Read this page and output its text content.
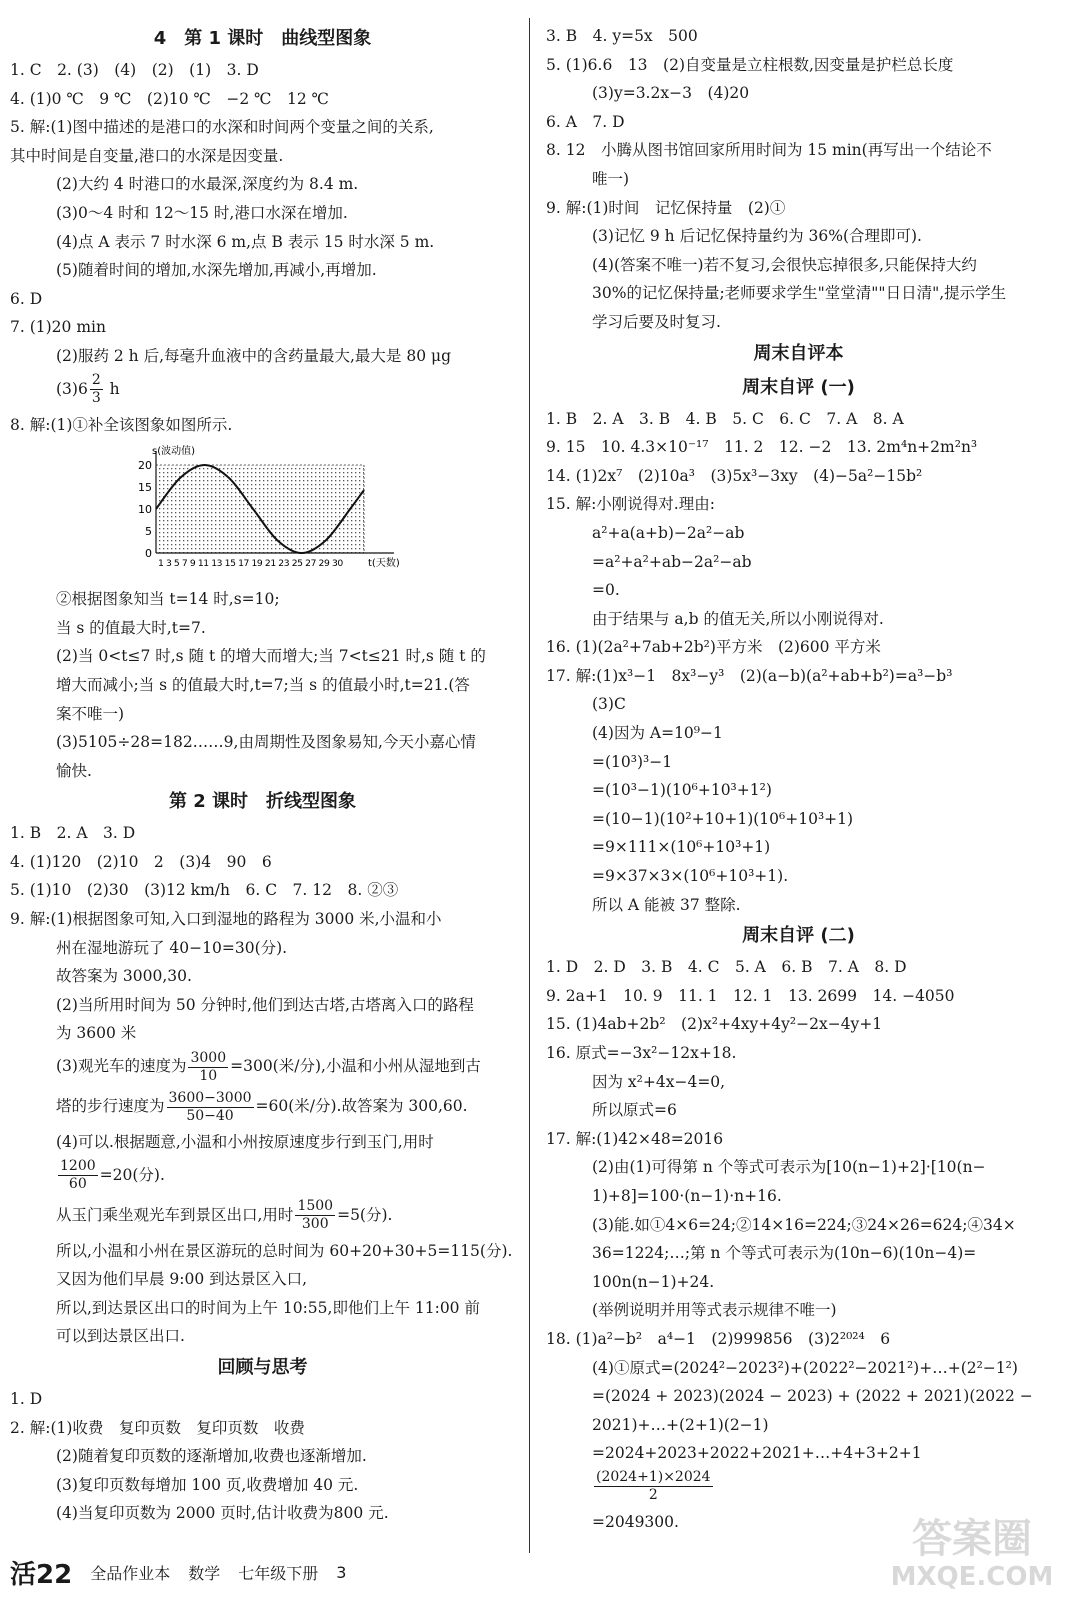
4　第 1 课时　曲线型图象
1. C　2. (3)　(4)　(2)　(1)　3. D
4. (1)0 ℃　9 ℃　(2)10 ℃　−2 ℃　12 ℃
5. 解:(1)图中描述的是港口的水深和时间两个变量之间的关系,
其中时间是自变量,港口的水深是因变量.
(2)大约 4 时港口的水最深,深度约为 8.4 m.
(3)0～4 时和 12～15 时,港口水深在增加.
(4)点 A 表示 7 时水深 6 m,点 B 表示 15 时水深 5 m.
(5)随着时间的增加,水深先增加,再减小,再增加.
6. D
7. (1)20 min
(2)服药 2 h 后,每毫升血液中的含药量最大,最大是 80 μg
$(3)6 \frac{2}{3}$ h
8. 解:(1)①补全该图象如图所示.
s(波动值)
t(天数)
1 3 5 7 9 11 13 15 17 19 21 23 25 27 29 30
0
5
10
15
20
②根据图象知当 t=14 时,s=10;
当 s 的值最大时,t=7.
(2)当 0<t≤7 时,s 随 t 的增大而增大;当 7<t≤21 时,s 随 t 的
增大而减小;当 s 的值最大时,t=7;当 s 的值最小时,t=21.(答
案不唯一)
(3)5105÷28=182……9,由周期性及图象易知,今天小嘉心情
愉快.
第 2 课时　折线型图象
1. B　2. A　3. D
4. (1)120　(2)10　2　(3)4　90　6
5. (1)10　(2)30　(3)12 km/h　6. C　7. 12　8. ②③
9. 解:(1)根据图象可知,入口到湿地的路程为 3000 米,小温和小
州在湿地游玩了 40−10=30(分).
故答案为 3000,30.
(2)当所用时间为 50 分钟时,他们到达古塔,古塔离入口的路程
为 3600 米
(3)观光车的速度为 $\frac{3000}{10} =300$(米/分),小温和小州从湿地到古
塔的步行速度为 $\frac{3600-3000}{50-40} =60$(米/分).故答案为 300,60.
(4)可以.根据题意,小温和小州按原速度步行到玉门,用时
$\frac{1200}{60} =20$(分).
从玉门乘坐观光车到景区出口,用时 $\frac{1500}{300} =5$(分).
所以,小温和小州在景区游玩的总时间为 60+20+30+5=115(分).
又因为他们早晨 9:00 到达景区入口,
所以,到达景区出口的时间为上午 10:55,即他们上午 11:00 前
可以到达景区出口.
回顾与思考
1. D
2. 解:(1)收费　复印页数　复印页数　收费
(2)随着复印页数的逐渐增加,收费也逐渐增加.
(3)复印页数每增加 100 页,收费增加 40 元.
(4)当复印页数为 2000 页时,估计收费为800 元.
3. B　4. y=5x　500
5. (1)6.6　13　(2)自变量是立柱根数,因变量是护栏总长度
(3)y=3.2x−3　(4)20
6. A　7. D
8. 12　小腾从图书馆回家所用时间为 15 min(再写出一个结论不
唯一)
9. 解:(1)时间　记忆保持量　(2)①
(3)记忆 9 h 后记忆保持量约为 36%(合理即可).
(4)(答案不唯一)若不复习,会很快忘掉很多,只能保持大约
30%的记忆保持量;老师要求学生"堂堂清""日日清",提示学生
学习后要及时复习.
周末自评本
周末自评 (一)
1. B　2. A　3. B　4. B　5. C　6. C　7. A　8. A
9. 15　10. 4.3×10⁻¹⁷　11. 2　12. −2　13. 2m⁴n+2m²n³
14. (1)2x⁷　(2)10a³　(3)5x³−3xy　(4)−5a²−15b²
15. 解:小刚说得对.理由:
a²+a(a+b)−2a²−ab
=a²+a²+ab−2a²−ab
=0.
由于结果与 a,b 的值无关,所以小刚说得对.
16. (1)(2a²+7ab+2b²)平方米　(2)600 平方米
17. 解:(1)x³−1　8x³−y³　(2)(a−b)(a²+ab+b²)=a³−b³
(3)C
(4)因为 A=10⁹−1
=(10³)³−1
=(10³−1)(10⁶+10³+1²)
=(10−1)(10²+10+1)(10⁶+10³+1)
=9×111×(10⁶+10³+1)
=9×37×3×(10⁶+10³+1).
所以 A 能被 37 整除.
周末自评 (二)
1. D　2. D　3. B　4. C　5. A　6. B　7. A　8. D
9. 2a+1　10. 9　11. 1　12. 1　13. 2699　14. −4050
15. (1)4ab+2b²　(2)x²+4xy+4y²−2x−4y+1
16. 原式=−3x²−12x+18.
因为 x²+4x−4=0,
所以原式=6
17. 解:(1)42×48=2016
(2)由(1)可得第 n 个等式可表示为[10(n−1)+2]·[10(n−
1)+8]=100·(n−1)·n+16.
(3)能.如①4×6=24;②14×16=224;③24×26=624;④34×
36=1224;…;第 n 个等式可表示为(10n−6)(10n−4)=
100n(n−1)+24.
(举例说明并用等式表示规律不唯一)
18. (1)a²−b²　a⁴−1　(2)999856　(3)2²⁰²⁴　6
(4)①原式=(2024²−2023²)+(2022²−2021²)+…+(2²−1²)
=(2024 + 2023)(2024 − 2023) + (2022 + 2021)(2022 −
2021)+…+(2+1)(2−1)
=2024+2023+2022+2021+…+4+3+2+1
$\frac{(2024+1)\times 2024}{2}$
=2049300.
活22 全品作业本 数学 七年级下册 3
答案圈
MXQE.COM
